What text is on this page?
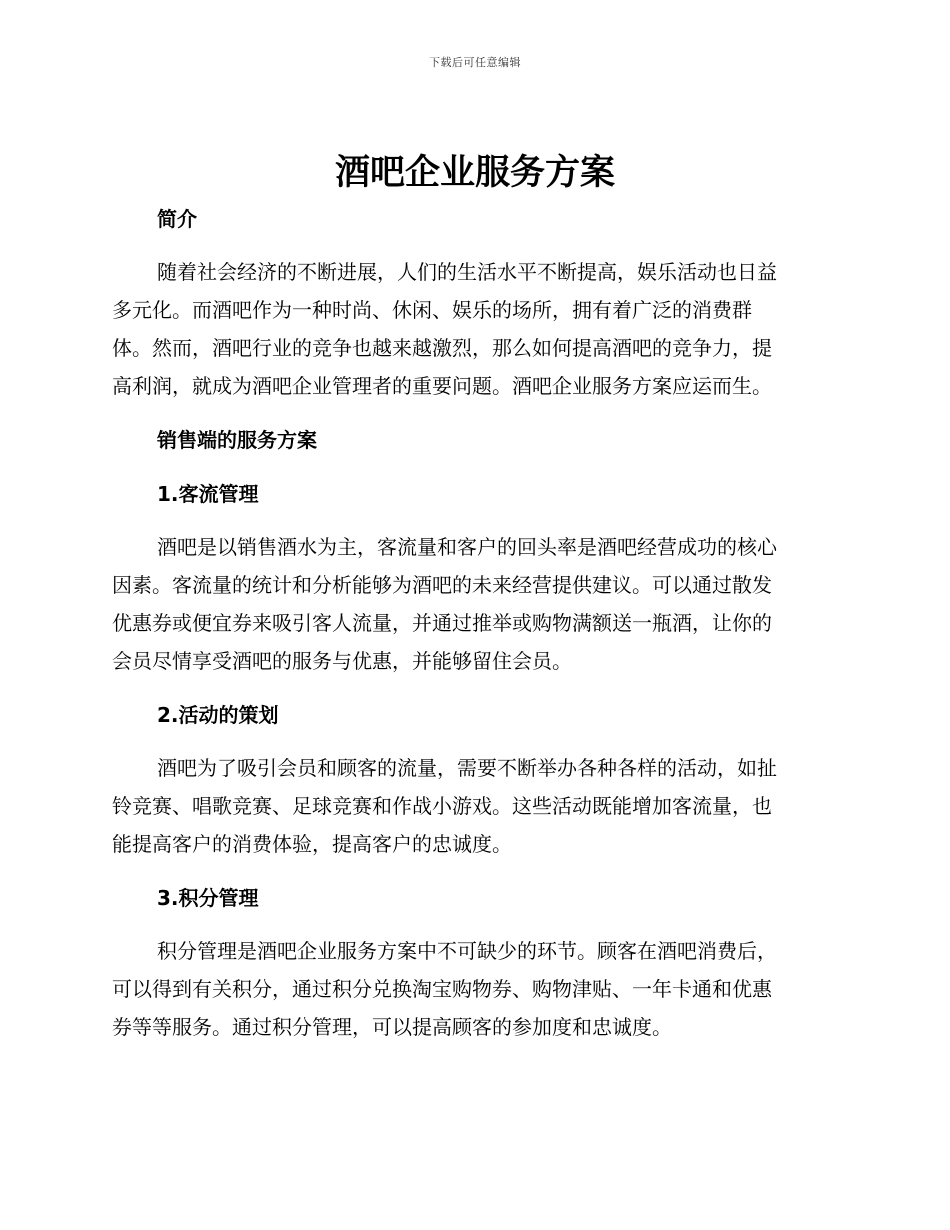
下载后可任意编辑
酒吧企业服务方案
简介
随着社会经济的不断进展，人们的生活水平不断提高，娱乐活动也日益
多元化。而酒吧作为一种时尚、休闲、娱乐的场所，拥有着广泛的消费群
体。然而，酒吧行业的竞争也越来越激烈，那么如何提高酒吧的竞争力，提
高利润，就成为酒吧企业管理者的重要问题。酒吧企业服务方案应运而生。
销售端的服务方案
1.客流管理
酒吧是以销售酒水为主，客流量和客户的回头率是酒吧经营成功的核心
因素。客流量的统计和分析能够为酒吧的未来经营提供建议。可以通过散发
优惠券或便宜券来吸引客人流量，并通过推举或购物满额送一瓶酒，让你的
会员尽情享受酒吧的服务与优惠，并能够留住会员。
2.活动的策划
酒吧为了吸引会员和顾客的流量，需要不断举办各种各样的活动，如扯
铃竞赛、唱歌竞赛、足球竞赛和作战小游戏。这些活动既能增加客流量，也
能提高客户的消费体验，提高客户的忠诚度。
3.积分管理
积分管理是酒吧企业服务方案中不可缺少的环节。顾客在酒吧消费后，
可以得到有关积分，通过积分兑换淘宝购物券、购物津贴、一年卡通和优惠
券等等服务。通过积分管理，可以提高顾客的参加度和忠诚度。
